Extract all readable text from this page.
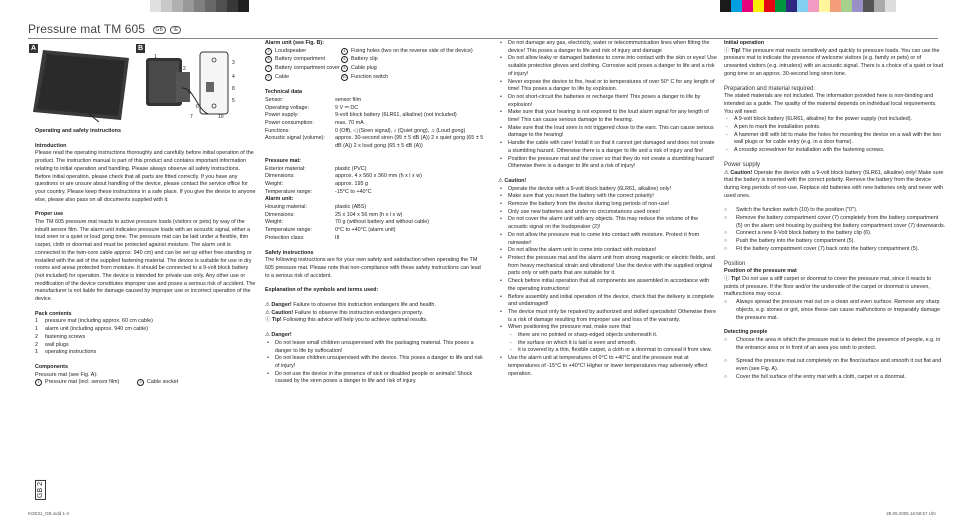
Pressure mat TM 605 GB IE
A	B
1
2
3
4
5
6
7
8
9
10

Operating and safety instructions

Introduction

Please read the operating instructions thoroughly and carefully before initial operation of the product. The instruction manual is part of this product and contains important information relating to initial operation and handling. Please always observe all safety instructions. Before initial operation, please check that all parts are fitted correctly. If you have any questions or are unsure about handling of the device, please contact the service office for your country. Please keep these instructions in a safe place. If you give the device to anyone else, please also pass on all documents supplied with it.

Proper use

The TM 605 pressure mat reacts to active pressure loads (visitors or pets) by way of the inbuilt sensor film. The alarm unit indicates pressure loads with an acoustic signal, either a loud siren or a quiet or loud gong tone. The pressure mat can be laid under a flexible, thin carpet, cloth or doormat and must be protected against moisture. The alarm unit is connected to the twin-core cable approx. 940 cm) and can be set up either free-standing or installed with the aid of the supplied fastening material. The device is suitable for use in dry rooms and areas protected from moisture. It should be connected to a 9-volt block battery (not included) for operation. The device is intended for private use only. Any other use or modification of the device constitutes improper use and poses a serious risk of accident. The manufacturer is not liable for damage caused by improper use or incorrect operation of the device.

Pack contents

1	pressure mat (including approx. 60 cm cable)
1	alarm unit (including approx. 940 cm cable)
2	fastening screws
2	wall plugs
1	operating instructions

Components

Pressure mat (see Fig. A):

1	Pressure mat (incl. sensor film)	3	Cable socket
GB 2

Alarm unit (see Fig. B):

2	Loudspeaker	4	Fixing holes (two on the reverse side of the device)
5	Battery compartment	6	Battery clip
7	Battery compartment cover	8	Cable plug
9	Cable	10 Function switch

Technical data

Sensor:	sensor film
Operating voltage:	9 V ⎓ DC
Power supply:	9-volt block battery (6LR61, alkaline) (not included)
Power consumption:	max. 70 mA
Functions:	0 (Off), ◁ (Siren signal), ♪ (Quiet gong), ♫ (Loud gong)
Acoustic signal (volume):	approx. 30-second siren (95 ± 5 dB (A)) 2 x quiet gong (65 ± 5 dB (A)) 2 x loud gong (65 ± 5 dB (A))

Pressure mat:

Exterior material:	plastic (PVC)
Dimensions:	approx. 4 x 560 x 360 mm (h x l x w)
Weight:	approx. 195 g
Temperature range:	-15°C to +40°C

Alarm unit:

Housing material:	plastic (ABS)
Dimensions:	25 x 104 x 56 mm (h x l x w)
Weight:	70 g (without battery and without cable)
Temperature range:	0°C to +40°C (alarm unit)
Protection class:	III

Safety instructions

The following instructions are for your own safety and satisfaction when operating the TM 605 pressure mat. Please note that non-compliance with these safety instructions can lead to a serious risk of accident.

Explanation of the symbols and terms used:

⚠ Danger! Failure to observe this instruction endangers life and health.

⚠ Caution! Failure to observe this instruction endangers property.

ⓘ Tip! Following this advice will help you to achieve optimal results.

⚠ Danger!

• Do not leave small children unsupervised with the packaging material. This poses a danger to life by suffocation!
• Do not leave children unsupervised with the device. This poses a danger to life and risk of injury!
• Do not use the device in the presence of sick or disabled people or animals! Shock caused by the siren poses a danger to life and risk of injury.
• Do not damage any gas, electricity, water or telecommunication lines when fitting the device! This poses a danger to life and risk of injury and damage
• Do not allow leaky or damaged batteries to come into contact with the skin or eyes! Use suitable protective gloves and clothing. Corrosive acid poses a danger to life and a risk of injury!
• Never expose the device to fire, heat or to temperatures of over 50° C for any length of time! This poses a danger to life by explosion.
• Do not short-circuit the batteries or recharge them! This poses a danger to life by explosion!
• Make sure that your hearing is not exposed to the loud alarm signal for any length of time! This can cause serious damage to the hearing.
• Make sure that the loud siren is not triggered close to the ears. This can cause serious damage to the hearing!
• Handle the cable with care! Install it so that it cannot get damaged and does not create a stumbling hazard. Otherwise there is a danger to life and a risk of injury and fire!
• Position the pressure mat and the cover so that they do not create a stumbling hazard! Otherwise there is a danger to life and a risk of injury!

⚠ Caution!

• Operate the device with a 9-volt block battery (6LR61, alkaline) only!
• Make sure that you insert the battery with the correct polarity!
• Remove the battery from the device during long periods of non-use!
• Only use new batteries and under no circumstances used ones!
• Do not cover the alarm unit with any objects. This may reduce the volume of the acoustic signal on the loudspeaker (2)!
• Do not allow the pressure mat to come into contact with moisture. Protect it from rainwater!
• Do not allow the alarm unit to come into contact with moisture!
• Protect the pressure mat and the alarm unit from strong magnetic or electric fields, and from heavy mechanical strain and vibrations! Use the device with the supplied original parts only or with parts that are suitable for it.
• Check before initial operation that all components are assembled in accordance with the operating instructions!
• Before assembly and initial operation of the device, check that the delivery is complete and undamaged!
• The device must only be repaired by authorized and skilled specialists! Otherwise there is a risk of damage resulting from improper use and loss of the warranty.
• When positioning the pressure mat, make sure that:
- there are no pointed or sharp-edged objects underneath it.
- the surface on which it is laid is even and smooth.
- it is covered by a thin, flexible carpet, a cloth or a doormat to conceal it from view.
• Use the alarm unit at temperatures of 0°C to +40°C and the pressure mat at temperatures of -15°C to +40°C! Higher or lower temperatures may adversely effect operation.

Initial operation

ⓘ Tip! The pressure mat reacts sensitively and quickly to pressure loads. You can use the pressure mat to indicate the presence of welcome visitors (e.g. family or pets) or of unwanted visitors (e.g. intruders) with an acoustic signal. There is a choice of a quiet or loud gong tone or an approx. 30-second long siren tone.

Preparation and material required:

The stated materials are not included. The information provided here is non-binding and intended as a guide. The quality of the material depends on individual local requirements. You will need:

- A 9-volt block battery (6LR61, alkaline) for the power supply (not included).
- A pen to mark the installation points.
- A hammer drill with bit to make the holes for mounting the device on a wall with the two wall plugs or for cable entry (e.g. in a door frame).
- A crosstip screwdriver for installation with the fastening screws.

Power supply

⚠ Caution! Operate the device with a 9-volt block battery (6LR61, alkaline) only! Make sure that the battery is inserted with the correct polarity. Remove the battery from the device during long periods of non-use. Replace old batteries with new batteries only and never with used ones.

○ Switch the function switch (10) to the position ("0").
○ Remove the battery compartment cover (7) completely from the battery compartment (5) on the alarm unit housing by pushing the battery compartment cover (7) downwards.
○ Connect a new 9-Volt block battery to the battery clip (6).
○ Push the battery into the battery compartment (5).
○ Fit the battery compartment cover (7) back onto the battery compartment (5).

Position

Position of the pressure mat

ⓘ Tip! Do not use a stiff carpet or doormat to cover the pressure mat, since it reacts to points of pressure. If the floor and/or the underside of the carpet or doormat is uneven, malfunctions may occur.

○ Always spread the pressure mat out on a clean and even surface. Remove any sharp objects, e.g. stones or grit, since these can cause malfunctions or irreparably damage the pressure mat.

Detecting people

○ Choose the area in which the pressure mat is to detect the presence of people, e.g. in the entrance area or in front of an area you wish to protect.
○ Spread the pressure mat out completely on the floor/surface and smooth it out flat and even (see Fig. A).
○ Cover the full surface of the entry mat with a cloth, carpet or a doormat.
KOE31_GB.indd 1-4	29.09.2005 16:58:57 Uhr
